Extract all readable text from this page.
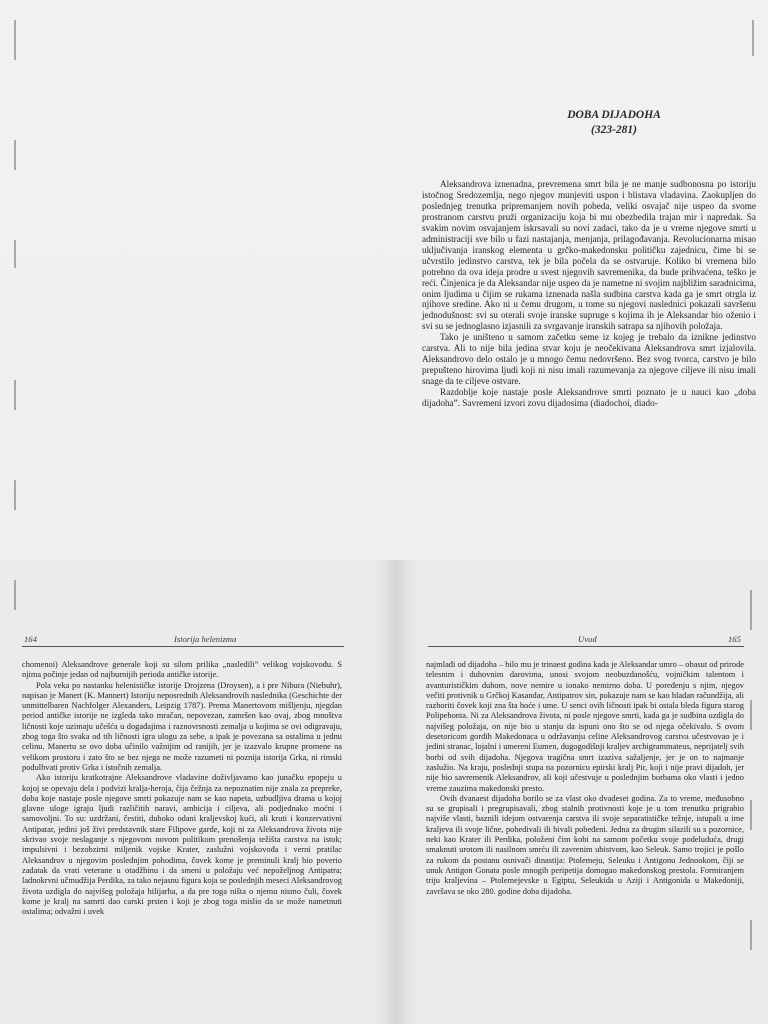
DOBA DIJADOHA
(323-281)

Aleksandrova iznenadna, prevremena smrt bila je ne manje sudbonosna po istoriju istočnog Sredozemlja, nego njegov munjeviti uspon i blistava vladavina. Zaokupljen do poslednjeg trenutka pripremanjem novih pobeda, veliki osvajač nije uspeo da svome prostranom carstvu pruži organizaciju koja bi mu obezbedila trajan mir i napredak. Sa svakim novim osvajanjem iskrsavali su novi zadaci, tako da je u vreme njegove smrti u administraciji sve bilo u fazi nastajanja, menjanja, prilagođavanja. Revolucionarna misao uključivanja iranskog elementa u grčko-makedonsku političku zajednicu, čime bi se učvrstilo jedinstvo carstva, tek je bila počela da se ostvaruje. Koliko bi vremena bilo potrebno da ova ideja prodre u svest njegovih savremenika, da bude prihvaćena, teško je reći. Činjenica je da Aleksandar nije uspeo da je nametne ni svojim najbližim saradnicima, onim ljudima u čijim se rukama iznenada našla sudbina carstva kada ga je smrt otrgla iz njihove sredine. Ako ni u čemu drugom, u tome su njegovi naslednici pokazali savršenu jednodušnost: svi su oterali svoje iranske supruge s kojima ih je Aleksandar bio oženio i svi su se jednoglasno izjasnili za svrgavanje iranskih satrapa sa njihovih položaja.

Tako je uništeno u samom začetku seme iz kojeg je trebalo da iznikne jedinstvo carstva. Ali to nije bila jedina stvar koju je neočekivana Aleksandrova smrt izjalovila. Aleksandrovo delo ostalo je u mnogo čemu nedovršeno. Bez svog tvorca, carstvo je bilo prepušteno hirovima ljudi koji ni nisu imali razumevanja za njegove ciljeve ili nisu imali snage da te ciljeve ostvare.

Razdoblje koje nastaje posle Aleksandrove smrti poznato je u nauci kao „doba dijadoha”. Savremeni izvori zovu dijadosima (diadochoi, diado-

164	Istorija helenizma	Uvod	165

chomenoi) Aleksandrove generale koji su silom prilika „nasledili” velikog vojskovođu. S njima počinje jedan od najburnijih perioda antičke istorije.

Pola veka po nastanku helenističke istorije Drojzena (Droysen), a i pre Nibura (Niebuhr), napisao je Manert (K. Mannert) Istoriju neposrednih Aleksandrovih naslednika (Geschichte der unmittelbaren Nachfolger Alexanders, Leipzig 1787). Prema Manertovom mišljenju, njegdan period antičke istorije ne izgleda tako mračan, nepovezan, zamršen kao ovaj, zbog mnoštva ličnosti koje uzimaju učešća u događajima i raznovrsnosti zemalja u kojima se ovi odigravaju, zbog toga što svaka od tih ličnosti igra ulogu za sebe, a ipak je povezana sa ostalima u jednu celinu. Manertu se ovo doba učinilo važnijim od ranijih, jer je izazvalo krupne promene na velikom prostoru i zato što se bez njega ne može razumeti ni poznija istorija Grka, ni rimski podulhvati protiv Grka i istočnih zemalja.

Ako istoriju kratkotrajne Aleksandrove vladavine doživljavamo kao junačku epopeju u kojoj se opevaju dela i podvizi kralja-heroja, čija čežnja za nepoznatim nije znala za prepreke, doba koje nastaje posle njegove smrti pokazuje nam se kao napeta, uzbudljiva drama u kojoj glavne uloge igraju ljudi različitih naravi, ambicija i ciljeva, ali podjednako moćni i samovoljni. To su: uzdržani, čestiti, duboko odani kraljevskoj kući, ali kruti i konzervativni Antipatar, jedini još živi predstavnik stare Filipove garde, koji ni za Aleksandrova života nije skrivao svoje neslaganje s njegovom novom politikom prenošenja težišta carstva na istok; impulsivni i bezobzirni miljenik vojske Krater, zaslužni vojskovođa i verni pratilac Aleksandrov u njegovim poslednjim pohodima, čovek kome je preminuli kralj bio poverio zadatak da vrati veterane u otadžbinu i da smeni u položaju već nepoželjnog Antipatra; ladnokrvni učmudžija Perdika, za tako nejasnu figura koja se poslednjih meseci Aleksandrovog života uzdigla do najvišeg položaja hilijarha, a da pre toga ništa o njemu nismo čuli, čovek kome je kralj na samrti dao carski prsten i koji je zbog toga mislio da se može nametnuti ostalima; odvažni i uvek

najmlađi od dijadoha – bilo mu je trinaest godina kada je Aleksandar umro – obasut od prirode telesnim i duhovnim darovima, unosi svojom neobuzdanošću, vojničkim talentom i avanturističkim duhom, nove nemire u ionako nemirno doba. U poređenju s njim, njegov večiti protivnik u Grčkoj Kasandar, Antipatrov sin, pokazuje nam se kao hladan račundžija, ali razboriti čovek koji zna šta hoće i ume. U senci ovih ličnosti ipak bi ostala bleda figura starog Polipehonta. Ni za Aleksandrova života, ni posle njegove smrti, kada ga je sudbina uzdigla do najvišeg položaja, on nije bio u stanju da ispuni ono što se od njega očekivalo. S ovom desetoricom gordih Makedonaca u održavanju celine Aleksandrovog carstva učestvovao je i jedini stranac, lojalni i umereni Eumen, dugogodišnji kraljev archigrammateus, neprijatelj svih borbi od svih dijadoha. Njegova tragična smrt izaziva sažaljenje, jer je on to najmanje zaslužio. Na kraju, poslednji stupa na pozornicu epirski kralj Pir, koji i nije pravi dijadoh, jer nije bio savremenik Aleksandrov, ali koji učestvuje u poslednjim borbama oko vlasti i jedno vreme zauzima makedonski presto.

Ovih dvanaest dijadoha borilo se za vlast oko dvadeset godina. Za to vreme, međusobno su se grupisali i pregrupisavali, zbog stalnih protivnosti koje je u tom trenutku prigrabio najviše vlasti, baznili idejom ostvarenja carstva ili svoje separatističke težnje, istupali u ime kraljeva ili svoje lične, pobedivali ili bivali pobeđeni. Jedna za drugim silazili su s pozornice, neki kao Krater ili Perdika, položeni čim kobi na samom početku svoje podeluduća, drugi smaknuti urotom ili nasilnom smrću ili zavrenim ubistvom, kao Seleuk. Samo trojici je pošlo za rukom da postanu osnivači dinastija: Ptolemeju, Seleuku i Antigonu Jednookom, čiji se unuk Antigon Gonata posle mnogih peripetija domogao makedonskog prestola. Formiranjem triju kraljevina – Ptolemejevske u Egiptu, Seleukida u Aziji i Antigonida u Makedoniji, završava se oko 280. godine doba dijadoha.
